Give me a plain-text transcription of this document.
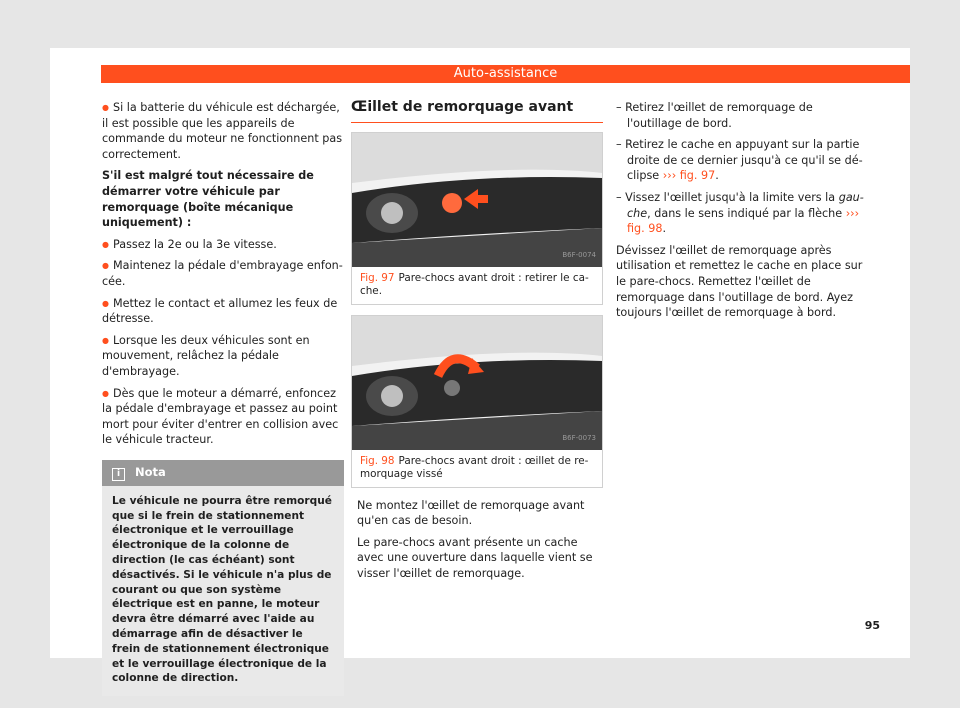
Auto-assistance

● Si la batterie du véhicule est déchargée, il est possible que les appareils de commande du moteur ne fonctionnent pas correctement.

S'il est malgré tout nécessaire de démarrer votre véhicule par remorquage (boîte mécanique uniquement) :

● Passez la 2e ou la 3e vitesse.

● Maintenez la pédale d'embrayage enfoncée.

● Mettez le contact et allumez les feux de détresse.

● Lorsque les deux véhicules sont en mouvement, relâchez la pédale d'embrayage.

● Dès que le moteur a démarré, enfoncez la pédale d'embrayage et passez au point mort pour éviter d'entrer en collision avec le véhicule tracteur.

i Nota
Le véhicule ne pourra être remorqué que si le frein de stationnement électronique et le verrouillage électronique de la colonne de direction (le cas échéant) sont désactivés. Si le véhicule n'a plus de courant ou que son système électrique est en panne, le moteur devra être démarré avec l'aide au démarrage afin de désactiver le frein de stationnement électronique et le verrouillage électronique de la colonne de direction.
Œillet de remorquage avant
B6F-0074
Fig. 97 Pare-chocs avant droit : retirer le cache.
B6F-0073
Fig. 98 Pare-chocs avant droit : œillet de remorquage vissé

Ne montez l'œillet de remorquage avant qu'en cas de besoin.

Le pare-chocs avant présente un cache avec une ouverture dans laquelle vient se visser l'œillet de remorquage.

– Retirez l'œillet de remorquage de l'outillage de bord.

– Retirez le cache en appuyant sur la partie droite de ce dernier jusqu'à ce qu'il se déclipse ››› fig. 97.

– Vissez l'œillet jusqu'à la limite vers la gauche, dans le sens indiqué par la flèche ››› fig. 98.

Dévissez l'œillet de remorquage après utilisation et remettez le cache en place sur le pare-chocs. Remettez l'œillet de remorquage dans l'outillage de bord. Ayez toujours l'œillet de remorquage à bord.

95
